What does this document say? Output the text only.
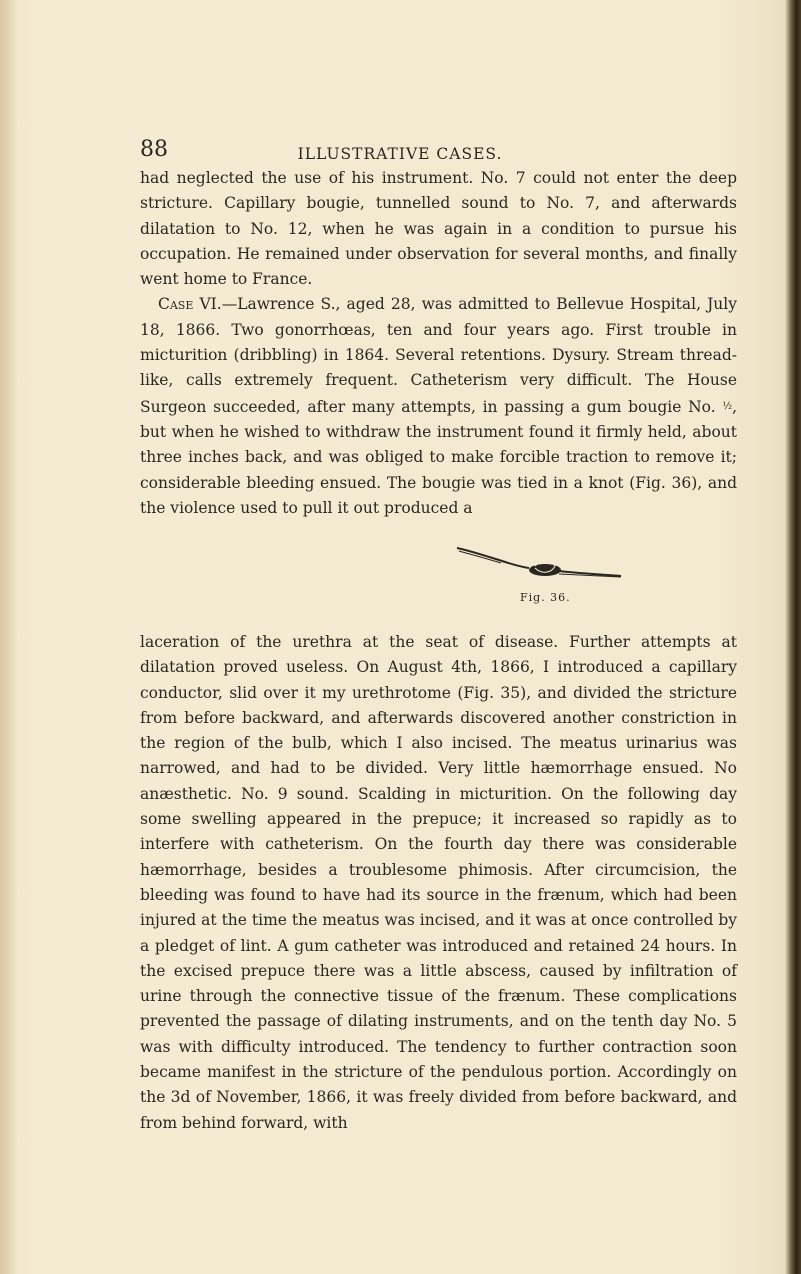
88	ILLUSTRATIVE CASES.

had neglected the use of his instrument. No. 7 could not enter the deep stricture. Capillary bougie, tunnelled sound to No. 7, and afterwards dilatation to No. 12, when he was again in a condition to pursue his occupation. He remained under observation for several months, and finally went home to France.

Case VI.—Lawrence S., aged 28, was admitted to Bellevue Hospital, July 18, 1866. Two gonorrhœas, ten and four years ago. First trouble in micturition (dribbling) in 1864. Several retentions. Dysury. Stream thread-like, calls extremely frequent. Catheterism very difficult. The House Surgeon succeeded, after many attempts, in passing a gum bougie No. ½, but when he wished to withdraw the instrument found it firmly held, about three inches back, and was obliged to make forcible traction to remove it; considerable bleeding ensued. The bougie was tied in a knot (Fig. 36), and the violence used to pull it out produced a

Fig. 36.

laceration of the urethra at the seat of disease. Further attempts at dilatation proved useless. On August 4th, 1866, I introduced a capillary conductor, slid over it my urethrotome (Fig. 35), and divided the stricture from before backward, and afterwards discovered another constriction in the region of the bulb, which I also incised. The meatus urinarius was narrowed, and had to be divided. Very little hæmorrhage ensued. No anæsthetic. No. 9 sound. Scalding in micturition. On the following day some swelling appeared in the prepuce; it increased so rapidly as to interfere with catheterism. On the fourth day there was considerable hæmorrhage, besides a troublesome phimosis. After circumcision, the bleeding was found to have had its source in the frænum, which had been injured at the time the meatus was incised, and it was at once controlled by a pledget of lint. A gum catheter was introduced and retained 24 hours. In the excised prepuce there was a little abscess, caused by infiltration of urine through the connective tissue of the frænum. These complications prevented the passage of dilating instruments, and on the tenth day No. 5 was with difficulty introduced. The tendency to further contraction soon became manifest in the stricture of the pendulous portion. Accordingly on the 3d of November, 1866, it was freely divided from before backward, and from behind forward, with
